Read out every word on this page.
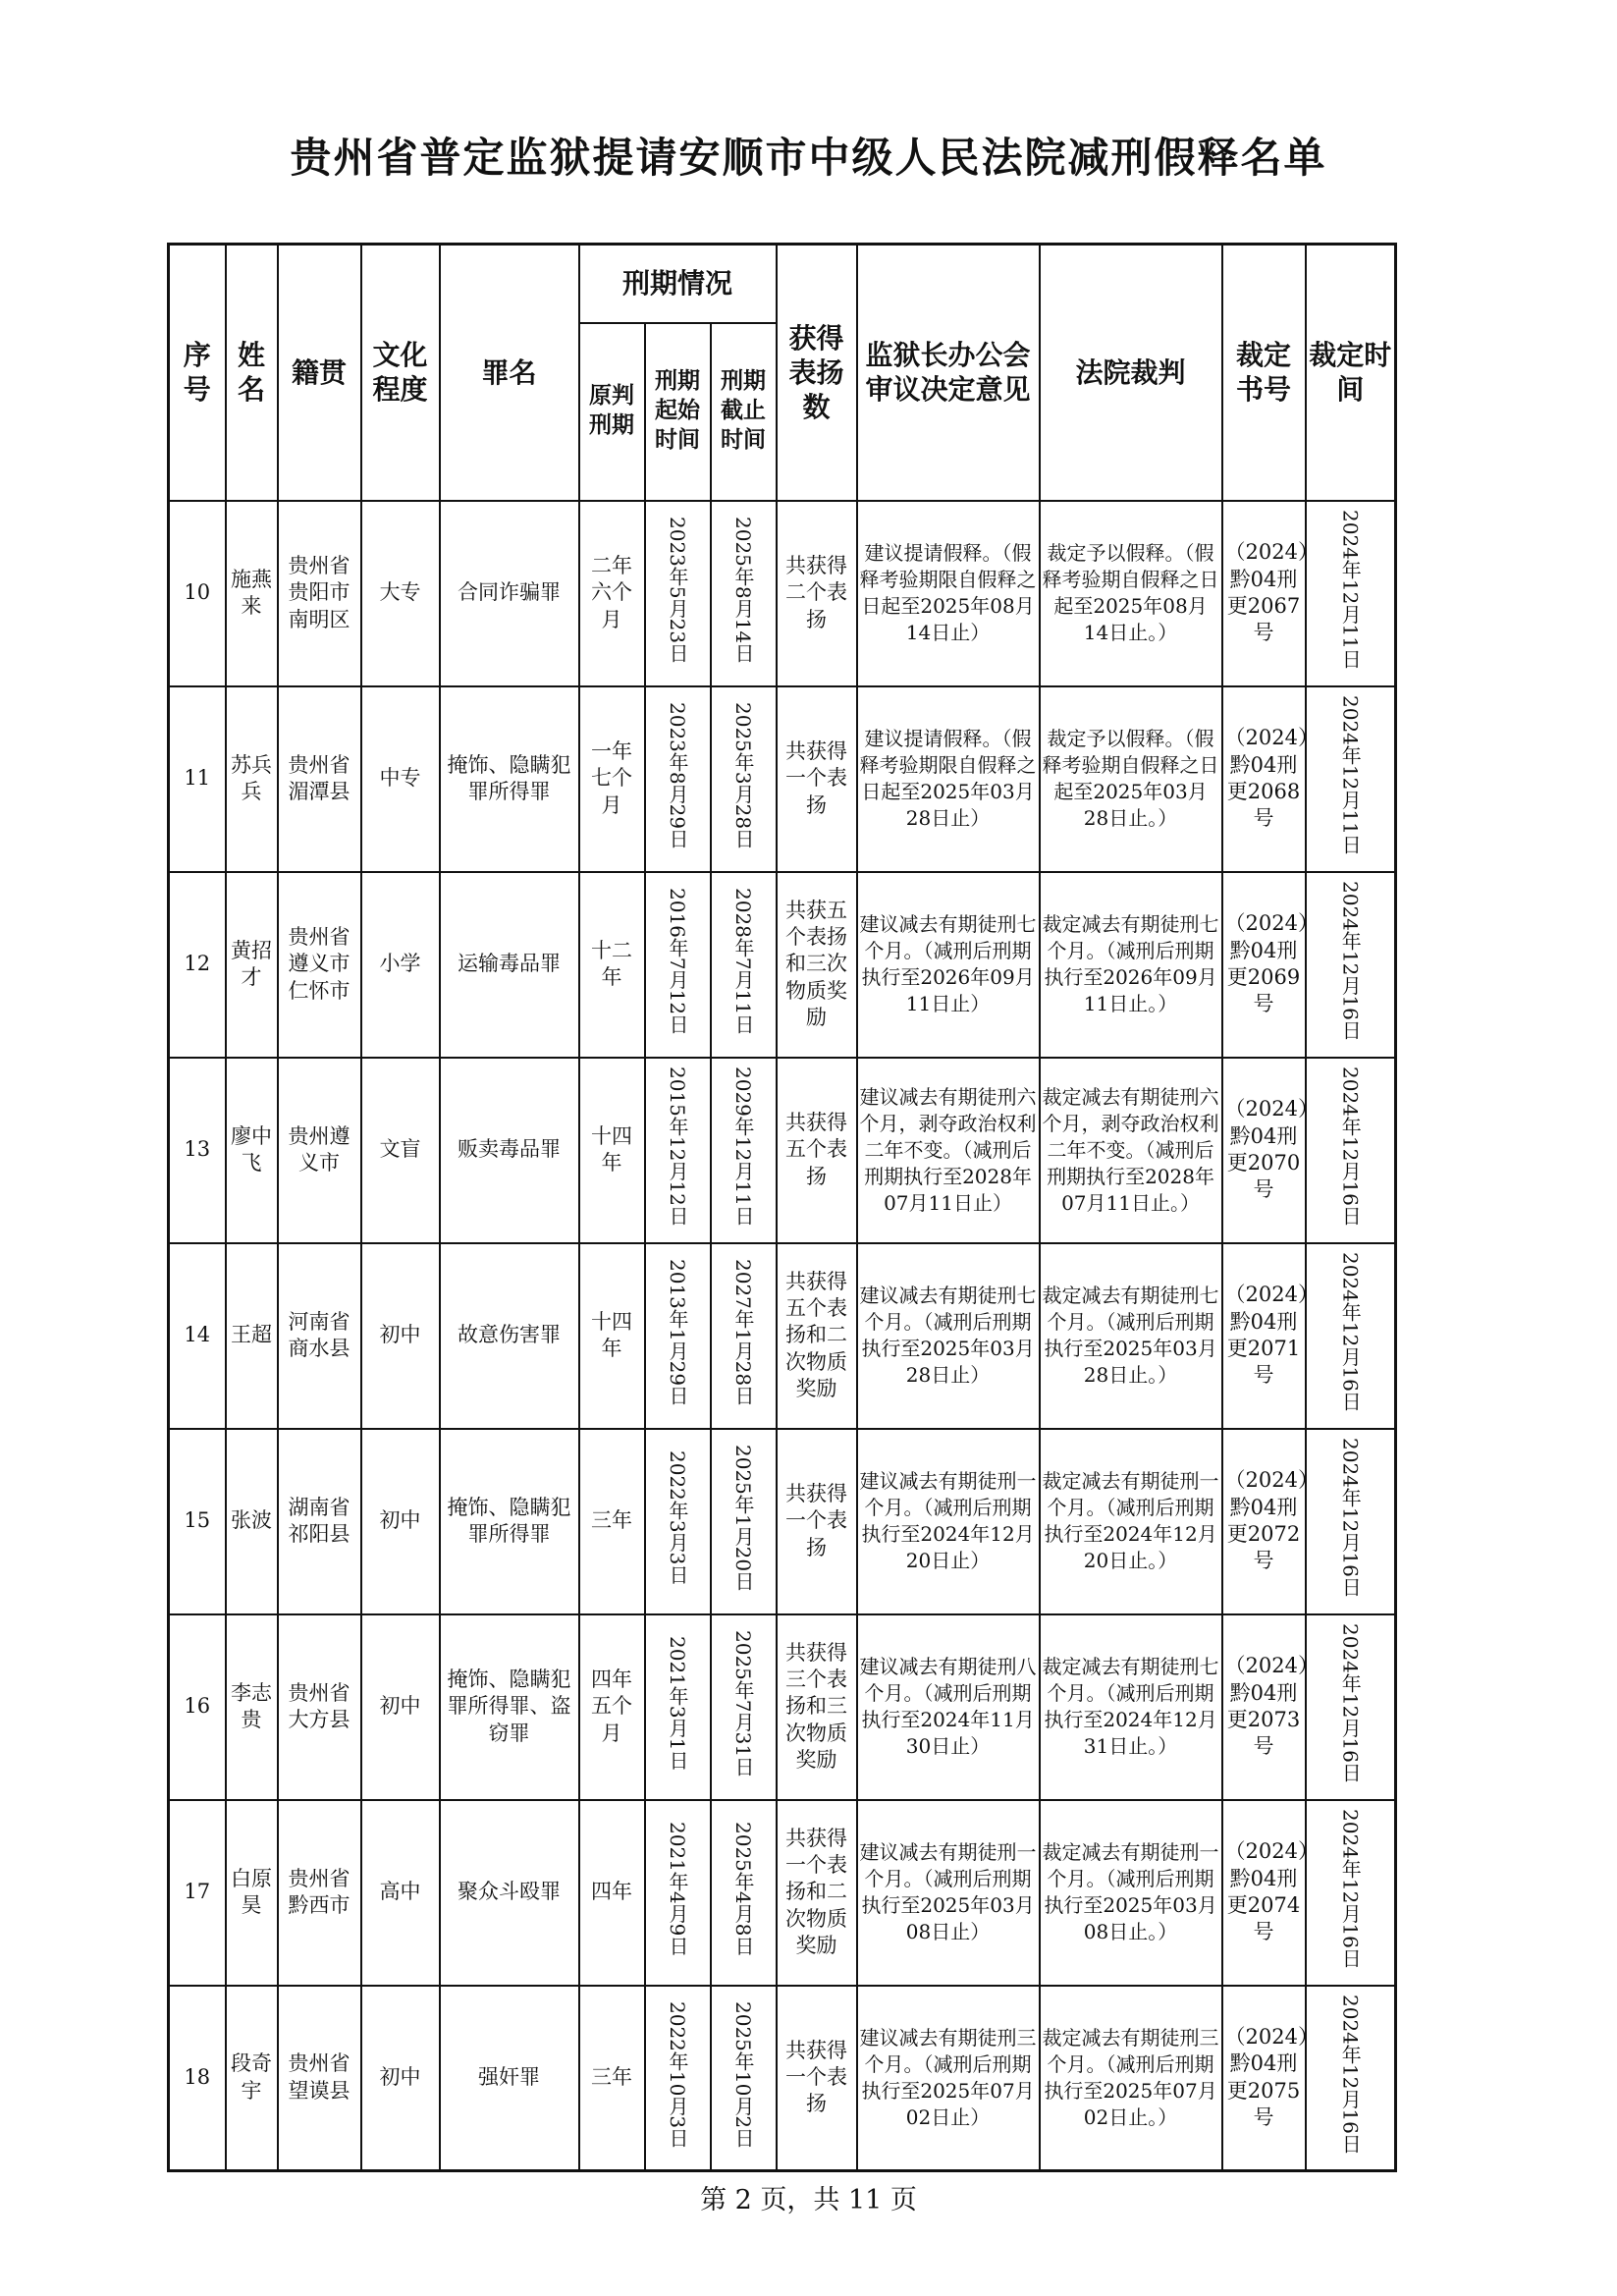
贵州省普定监狱提请安顺市中级人民法院减刑假释名单
序号	姓名	籍贯	文化程度	罪名	刑期情况			获得表扬数	监狱长办公会审议决定意见	法院裁判	裁定书号	裁定时间
					原判刑期	刑期起始时间	刑期截止时间					
10	施燕来	贵州省贵阳市南明区	大专	合同诈骗罪	二年六个月	2023年5月23日	2025年8月14日	共获得二个表扬	建议提请假释。（假释考验期限自假释之日起至2025年08月14日止）	裁定予以假释。（假释考验期自假释之日起至2025年08月14日止。）	（2024）黔04刑更2067号	2024年12月11日
11	苏兵兵	贵州省湄潭县	中专	掩饰、隐瞒犯罪所得罪	一年七个月	2023年8月29日	2025年3月28日	共获得一个表扬	建议提请假释。（假释考验期限自假释之日起至2025年03月28日止）	裁定予以假释。（假释考验期自假释之日起至2025年03月28日止。）	（2024）黔04刑更2068号	2024年12月11日
12	黄招才	贵州省遵义市仁怀市	小学	运输毒品罪	十二年	2016年7月12日	2028年7月11日	共获五个表扬和三次物质奖励	建议减去有期徒刑七个月。（减刑后刑期执行至2026年09月11日止）	裁定减去有期徒刑七个月。（减刑后刑期执行至2026年09月11日止。）	（2024）黔04刑更2069号	2024年12月16日
13	廖中飞	贵州遵义市	文盲	贩卖毒品罪	十四年	2015年12月12日	2029年12月11日	共获得五个表扬	建议减去有期徒刑六个月，剥夺政治权利二年不变。（减刑后刑期执行至2028年07月11日止）	裁定减去有期徒刑六个月，剥夺政治权利二年不变。（减刑后刑期执行至2028年07月11日止。）	（2024）黔04刑更2070号	2024年12月16日
14	王超	河南省商水县	初中	故意伤害罪	十四年	2013年1月29日	2027年1月28日	共获得五个表扬和二次物质奖励	建议减去有期徒刑七个月。（减刑后刑期执行至2025年03月28日止）	裁定减去有期徒刑七个月。（减刑后刑期执行至2025年03月28日止。）	（2024）黔04刑更2071号	2024年12月16日
15	张波	湖南省祁阳县	初中	掩饰、隐瞒犯罪所得罪	三年	2022年3月3日	2025年1月20日	共获得一个表扬	建议减去有期徒刑一个月。（减刑后刑期执行至2024年12月20日止）	裁定减去有期徒刑一个月。（减刑后刑期执行至2024年12月20日止。）	（2024）黔04刑更2072号	2024年12月16日
16	李志贵	贵州省大方县	初中	掩饰、隐瞒犯罪所得罪、盗窃罪	四年五个月	2021年3月1日	2025年7月31日	共获得三个表扬和三次物质奖励	建议减去有期徒刑八个月。（减刑后刑期执行至2024年11月30日止）	裁定减去有期徒刑七个月。（减刑后刑期执行至2024年12月31日止。）	（2024）黔04刑更2073号	2024年12月16日
17	白原昊	贵州省黔西市	高中	聚众斗殴罪	四年	2021年4月9日	2025年4月8日	共获得一个表扬和二次物质奖励	建议减去有期徒刑一个月。（减刑后刑期执行至2025年03月08日止）	裁定减去有期徒刑一个月。（减刑后刑期执行至2025年03月08日止。）	（2024）黔04刑更2074号	2024年12月16日
18	段奇宇	贵州省望谟县	初中	强奸罪	三年	2022年10月3日	2025年10月2日	共获得一个表扬	建议减去有期徒刑三个月。（减刑后刑期执行至2025年07月02日止）	裁定减去有期徒刑三个月。（减刑后刑期执行至2025年07月02日止。）	（2024）黔04刑更2075号	2024年12月16日
第 2 页，共 11 页
